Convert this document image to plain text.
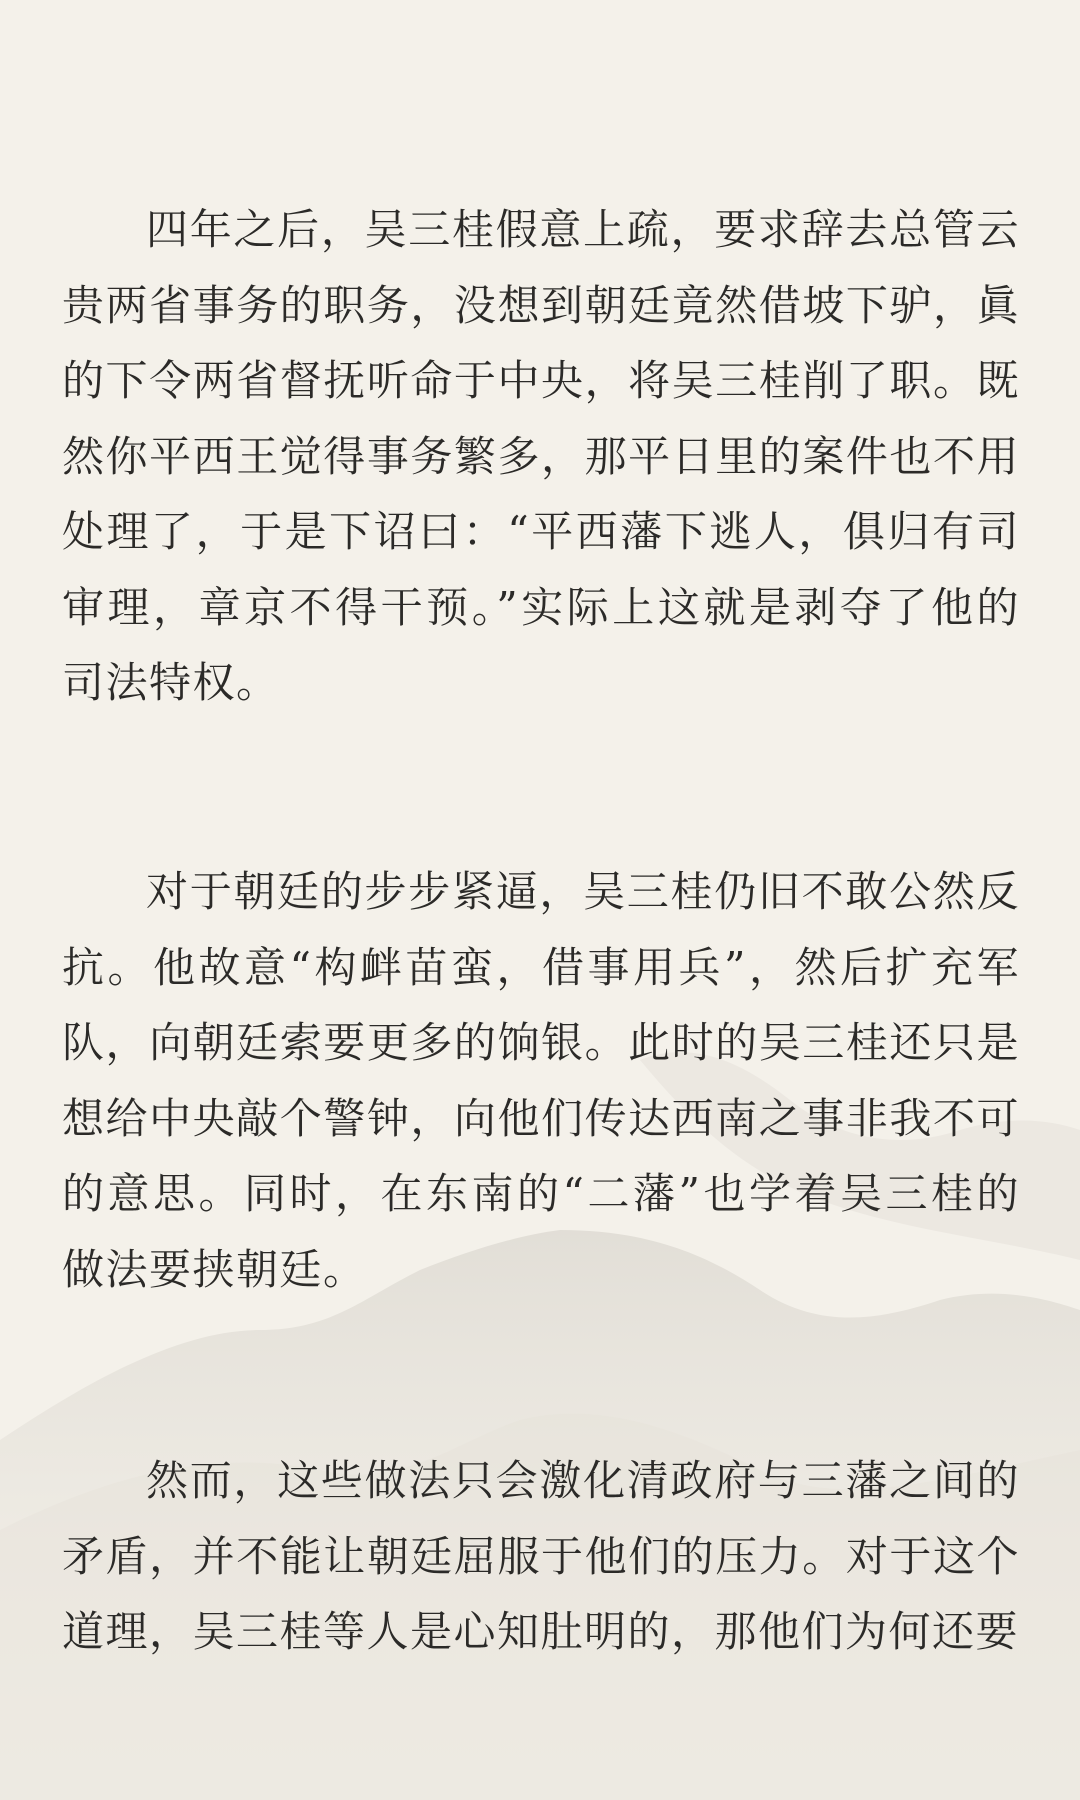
四年之后，吴三桂假意上疏，要求辞去总管云贵两省事务的职务，没想到朝廷竟然借坡下驴，眞的下令两省督抚听命于中央，将吴三桂削了职。既然你平西王觉得事务繁多，那平日里的案件也不用处理了，于是下诏曰：“平西藩下逃人，俱归有司审理，章京不得干预。”实际上这就是剥夺了他的司法特权。

对于朝廷的步步紧逼，吴三桂仍旧不敢公然反抗。他故意“构衅苗蛮，借事用兵”，然后扩充军队，向朝廷索要更多的饷银。此时的吴三桂还只是想给中央敲个警钟，向他们传达西南之事非我不可的意思。同时，在东南的“二藩”也学着吴三桂的做法要挟朝廷。

然而，这些做法只会激化清政府与三藩之间的矛盾，并不能让朝廷屈服于他们的压力。对于这个道理，吴三桂等人是心知肚明的，那他们为何还要
